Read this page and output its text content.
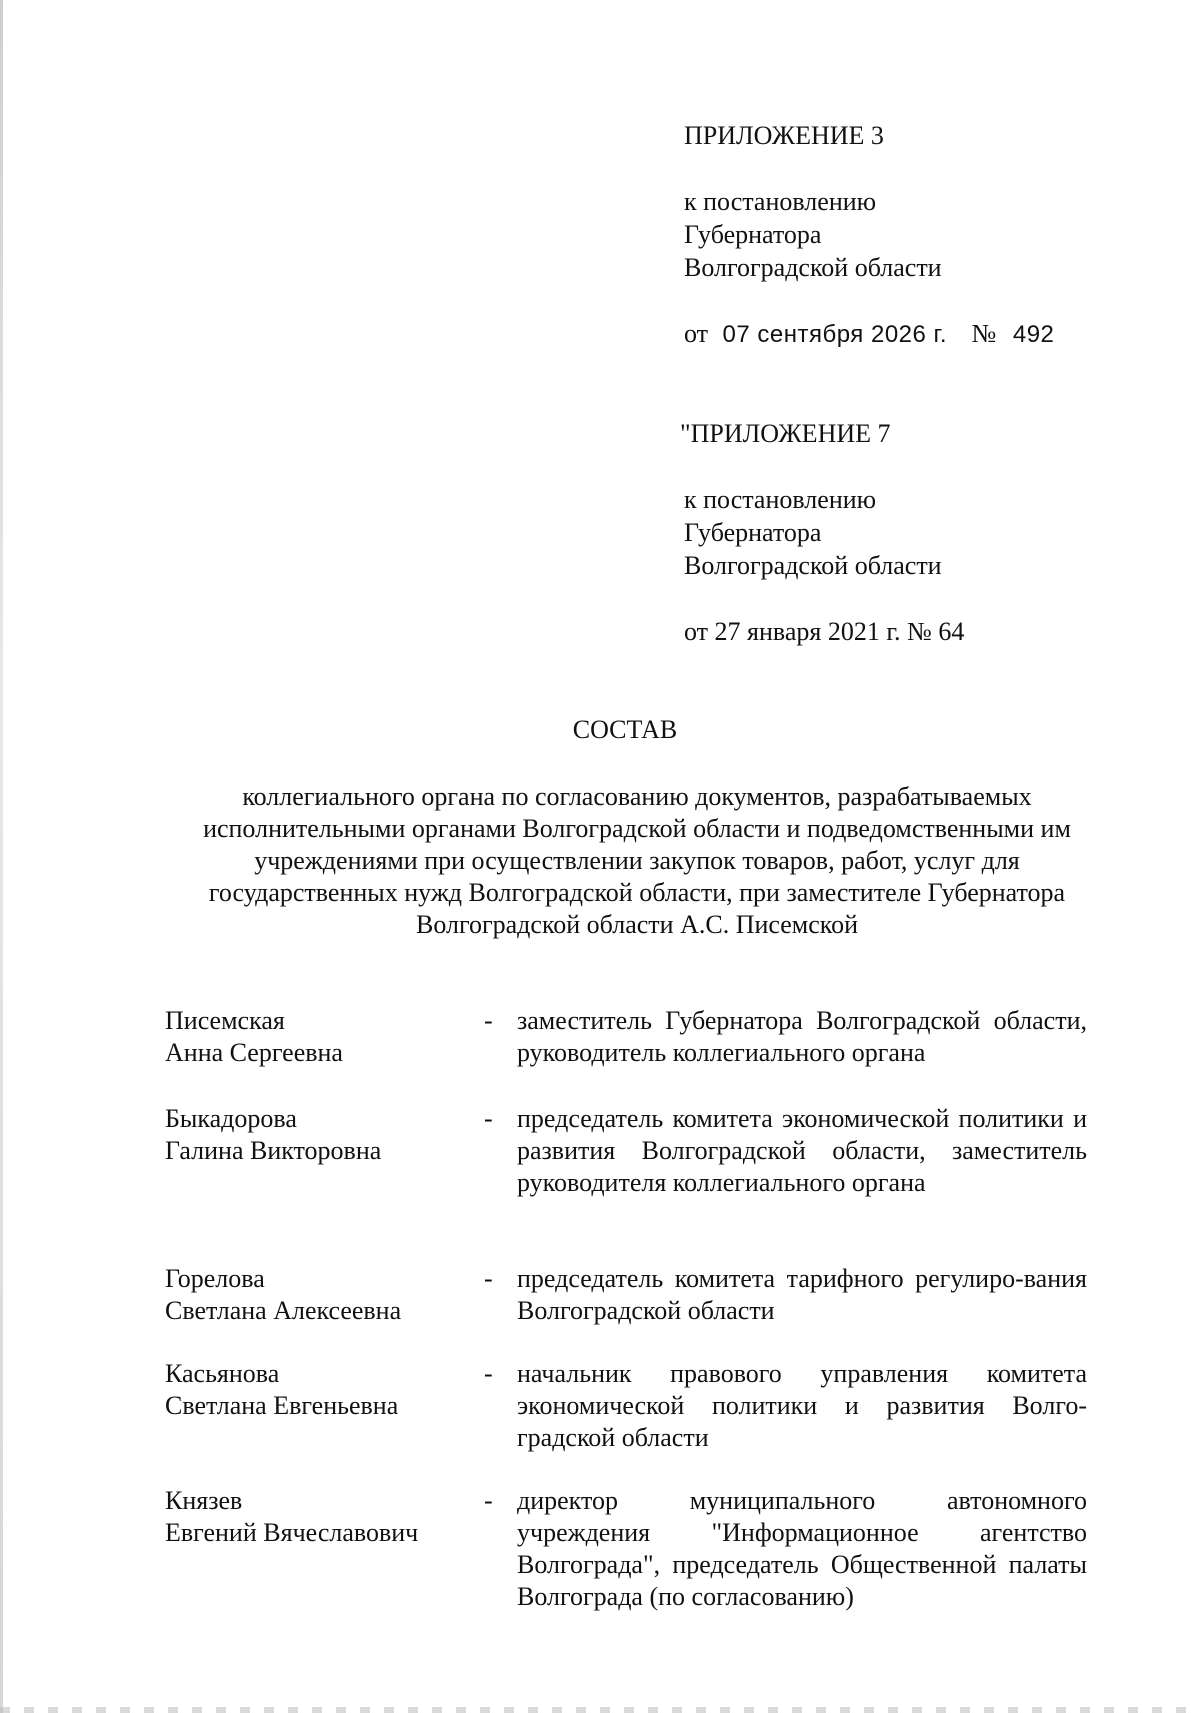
ПРИЛОЖЕНИЕ 3
к постановлению
Губернатора
Волгоградской области
от 07 сентября 2026 г. № 492
"ПРИЛОЖЕНИЕ 7
к постановлению
Губернатора
Волгоградской области
от 27 января 2021 г. № 64
СОСТАВ
коллегиального органа по согласованию документов, разрабатываемых исполнительными органами Волгоградской области и подведомственными им учреждениями при осуществлении закупок товаров, работ, услуг для государственных нужд Волгоградской области, при заместителе Губернатора Волгоградской области А.С. Писемской
Писемская
Анна Сергеевна
- заместитель Губернатора Волгоградской области, руководитель коллегиального органа
Быкадорова
Галина Викторовна
- председатель комитета экономической политики и развития Волгоградской области, заместитель руководителя коллегиального органа
Горелова
Светлана Алексеевна
- председатель комитета тарифного регулиро-вания Волгоградской области
Касьянова
Светлана Евгеньевна
- начальник правового управления комитета экономической политики и развития Волго-градской области
Князев
Евгений Вячеславович
- директор муниципального автономного учреждения "Информационное агентство Волгограда", председатель Общественной палаты Волгограда (по согласованию)
